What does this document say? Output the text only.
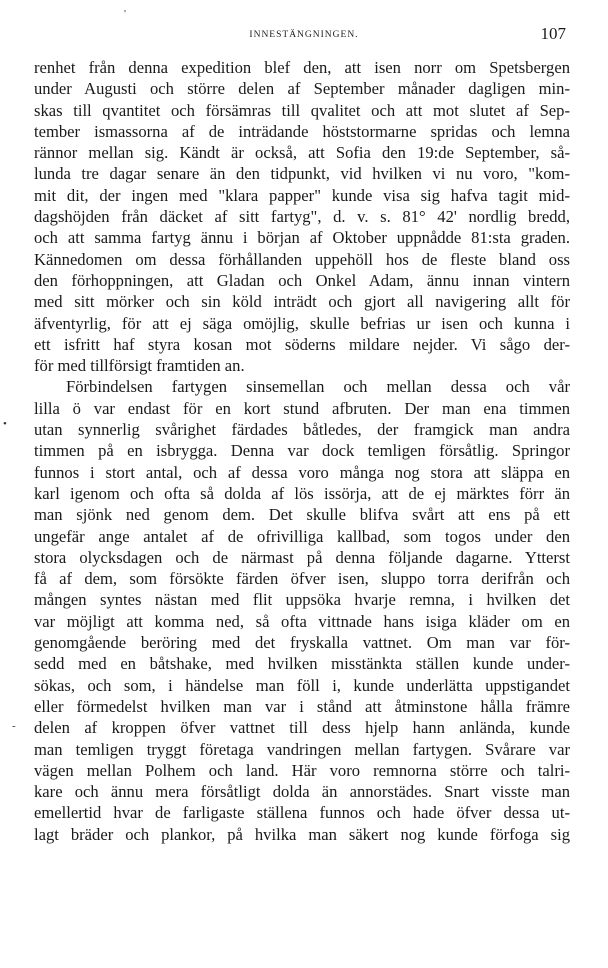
'
INNESTÄNGNINGEN.	107
•
-
renhet från denna expedition blef den, att isen norr om Spetsbergen
under Augusti och större delen af September månader dagligen min-
skas till qvantitet och försämras till qvalitet och att mot slutet af Sep-
tember ismassorna af de inträdande höststormarne spridas och lemna
rännor mellan sig. Kändt är också, att Sofia den 19:de September, så-
lunda tre dagar senare än den tidpunkt, vid hvilken vi nu voro, "kom-
mit dit, der ingen med "klara papper" kunde visa sig hafva tagit mid-
dagshöjden från däcket af sitt fartyg", d. v. s. 81° 42' nordlig bredd,
och att samma fartyg ännu i början af Oktober uppnådde 81:sta graden.
Kännedomen om dessa förhållanden uppehöll hos de fleste bland oss
den förhoppningen, att Gladan och Onkel Adam, ännu innan vintern
med sitt mörker och sin köld inträdt och gjort all navigering allt för
äfventyrlig, för att ej säga omöjlig, skulle befrias ur isen och kunna i
ett isfritt haf styra kosan mot söderns mildare nejder. Vi sågo der-
för med tillförsigt framtiden an.
Förbindelsen fartygen sinsemellan och mellan dessa och vår
lilla ö var endast för en kort stund afbruten. Der man ena timmen
utan synnerlig svårighet färdades båtledes, der framgick man andra
timmen på en isbrygga. Denna var dock temligen försåtlig. Springor
funnos i stort antal, och af dessa voro många nog stora att släppa en
karl igenom och ofta så dolda af lös issörja, att de ej märktes förr än
man sjönk ned genom dem. Det skulle blifva svårt att ens på ett
ungefär ange antalet af de ofrivilliga kallbad, som togos under den
stora olycksdagen och de närmast på denna följande dagarne. Ytterst
få af dem, som försökte färden öfver isen, sluppo torra derifrån och
mången syntes nästan med flit uppsöka hvarje remna, i hvilken det
var möjligt att komma ned, så ofta vittnade hans isiga kläder om en
genomgående beröring med det fryskalla vattnet. Om man var för-
sedd med en båtshake, med hvilken misstänkta ställen kunde under-
sökas, och som, i händelse man föll i, kunde underlätta uppstigandet
eller förmedelst hvilken man var i stånd att åtminstone hålla främre
delen af kroppen öfver vattnet till dess hjelp hann anlända, kunde
man temligen tryggt företaga vandringen mellan fartygen. Svårare var
vägen mellan Polhem och land. Här voro remnorna större och talri-
kare och ännu mera försåtligt dolda än annorstädes. Snart visste man
emellertid hvar de farligaste ställena funnos och hade öfver dessa ut-
lagt bräder och plankor, på hvilka man säkert nog kunde förfoga sig
